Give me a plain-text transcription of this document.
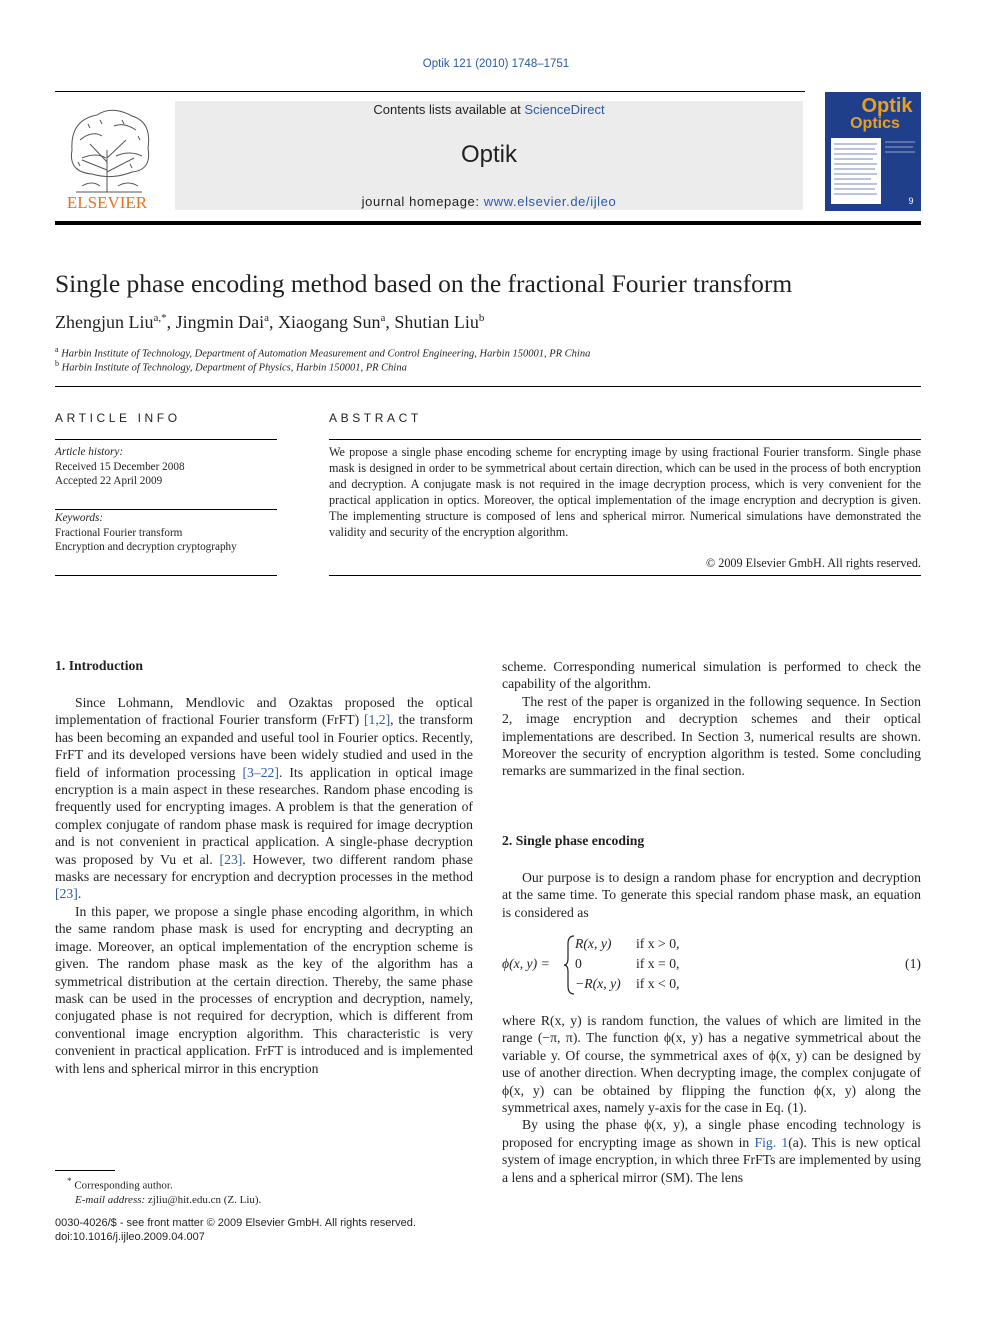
Optik 121 (2010) 1748–1751
ELSEVIER
Contents lists available at ScienceDirect
Optik
journal homepage: www.elsevier.de/ijleo
Optik
Optics
9
Single phase encoding method based on the fractional Fourier transform
Zhengjun Liu$^{a,*}$, Jingmin Dai$^a$, Xiaogang Sun$^a$, Shutian Liu$^b$
$^a$ Harbin Institute of Technology, Department of Automation Measurement and Control Engineering, Harbin 150001, PR China
$^b$ Harbin Institute of Technology, Department of Physics, Harbin 150001, PR China
ARTICLE INFO	ABSTRACT
Article history:
Received 15 December 2008
Accepted 22 April 2009
Keywords:
Fractional Fourier transform
Encryption and decryption cryptography
We propose a single phase encoding scheme for encrypting image by using fractional Fourier transform. Single phase mask is designed in order to be symmetrical about certain direction, which can be used in the process of both encryption and decryption. A conjugate mask is not required in the image decryption process, which is very convenient for the practical application in optics. Moreover, the optical implementation of the image encryption and decryption is given. The implementing structure is composed of lens and spherical mirror. Numerical simulations have demonstrated the validity and security of the encryption algorithm.
© 2009 Elsevier GmbH. All rights reserved.
1. Introduction

Since Lohmann, Mendlovic and Ozaktas proposed the optical implementation of fractional Fourier transform (FrFT) [1,2], the transform has been becoming an expanded and useful tool in Fourier optics. Recently, FrFT and its developed versions have been widely studied and used in the field of information processing [3–22]. Its application in optical image encryption is a main aspect in these researches. Random phase encoding is frequently used for encrypting images. A problem is that the generation of complex conjugate of random phase mask is required for image decryption and is not convenient in practical application. A single-phase decryption was proposed by Vu et al. [23]. However, two different random phase masks are necessary for encryption and decryption processes in the method [23].

In this paper, we propose a single phase encoding algorithm, in which the same random phase mask is used for encrypting and decrypting an image. Moreover, an optical implementation of the encryption scheme is given. The random phase mask as the key of the algorithm has a symmetrical distribution at the certain direction. Thereby, the same phase mask can be used in the processes of encryption and decryption, namely, conjugated phase is not required for decryption, which is different from conventional image encryption algorithm. This characteristic is very convenient in practical application. FrFT is introduced and is implemented with lens and spherical mirror in this encryption

scheme. Corresponding numerical simulation is performed to check the capability of the algorithm.

The rest of the paper is organized in the following sequence. In Section 2, image encryption and decryption schemes and their optical implementations are described. In Section 3, numerical results are shown. Moreover the security of encryption algorithm is tested. Some concluding remarks are summarized in the final section.

2. Single phase encoding

Our purpose is to design a random phase for encryption and decryption at the same time. To generate this special random phase mask, an equation is considered as

ϕ(x, y) =
R(x, y) if x > 0,
0	if x = 0,
−R(x, y) if x < 0,
(1)

where R(x, y) is random function, the values of which are limited in the range (−π, π). The function ϕ(x, y) has a negative symmetrical about the variable y. Of course, the symmetrical axes of ϕ(x, y) can be designed by use of another direction. When decrypting image, the complex conjugate of ϕ(x, y) can be obtained by flipping the function ϕ(x, y) along the symmetrical axes, namely y-axis for the case in Eq. (1).

By using the phase ϕ(x, y), a single phase encoding technology is proposed for encrypting image as shown in Fig. 1(a). This is new optical system of image encryption, in which three FrFTs are implemented by using a lens and a spherical mirror (SM). The lens

* Corresponding author.
E-mail address: zjliu@hit.edu.cn (Z. Liu).
0030-4026/$ - see front matter © 2009 Elsevier GmbH. All rights reserved.
doi:10.1016/j.ijleo.2009.04.007
